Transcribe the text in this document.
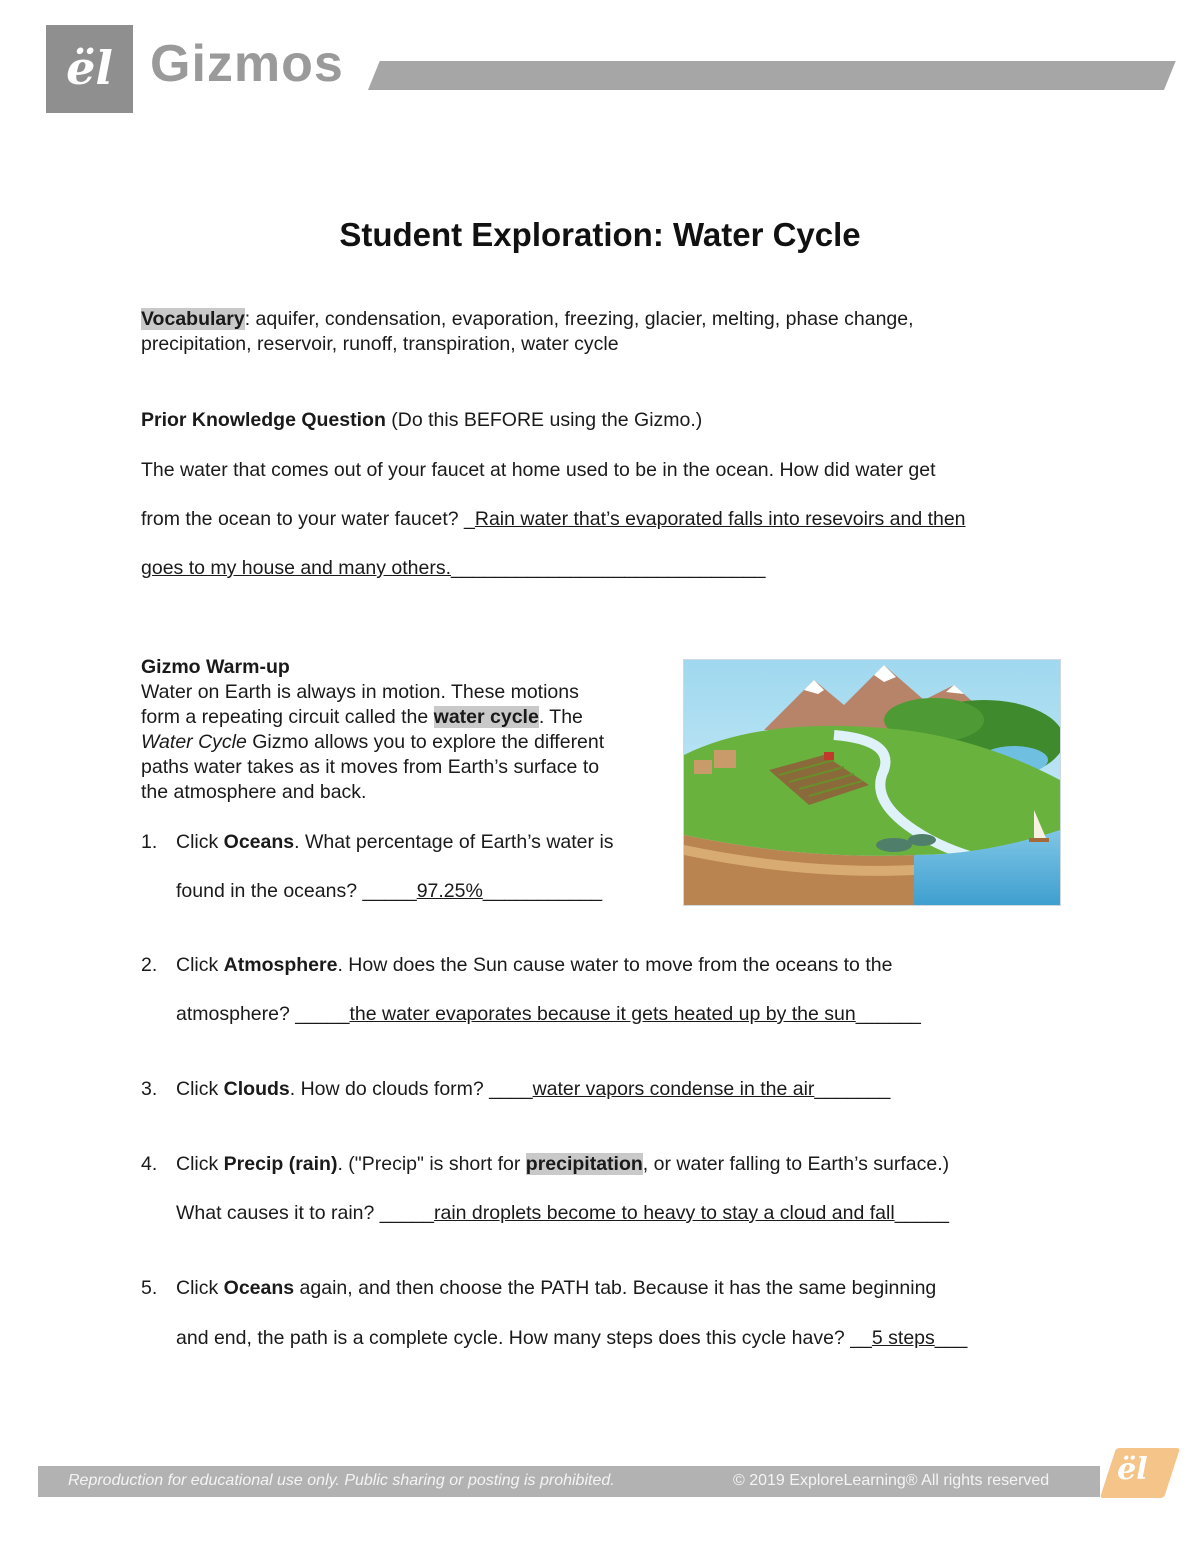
ël Gizmos
Student Exploration: Water Cycle
Vocabulary: aquifer, condensation, evaporation, freezing, glacier, melting, phase change,
precipitation, reservoir, runoff, transpiration, water cycle
Prior Knowledge Question (Do this BEFORE using the Gizmo.)
The water that comes out of your faucet at home used to be in the ocean. How did water get
from the ocean to your water faucet? _Rain water that’s evaporated falls into resevoirs and then
goes to my house and many others._____________________________
Gizmo Warm-up
Water on Earth is always in motion. These motions
form a repeating circuit called the water cycle. The
Water Cycle Gizmo allows you to explore the different
paths water takes as it moves from Earth’s surface to
the atmosphere and back.
1. Click Oceans. What percentage of Earth’s water is
found in the oceans? _____97.25%___________
2. Click Atmosphere. How does the Sun cause water to move from the oceans to the
atmosphere? _____the water evaporates because it gets heated up by the sun______
3. Click Clouds. How do clouds form? ____water vapors condense in the air_______
4. Click Precip (rain). ("Precip" is short for precipitation, or water falling to Earth’s surface.)
What causes it to rain? _____rain droplets become to heavy to stay a cloud and fall_____
5. Click Oceans again, and then choose the PATH tab. Because it has the same beginning
and end, the path is a complete cycle. How many steps does this cycle have? __5 steps___
Reproduction for educational use only. Public sharing or posting is prohibited.	© 2019 ExploreLearning® All rights reserved ël
